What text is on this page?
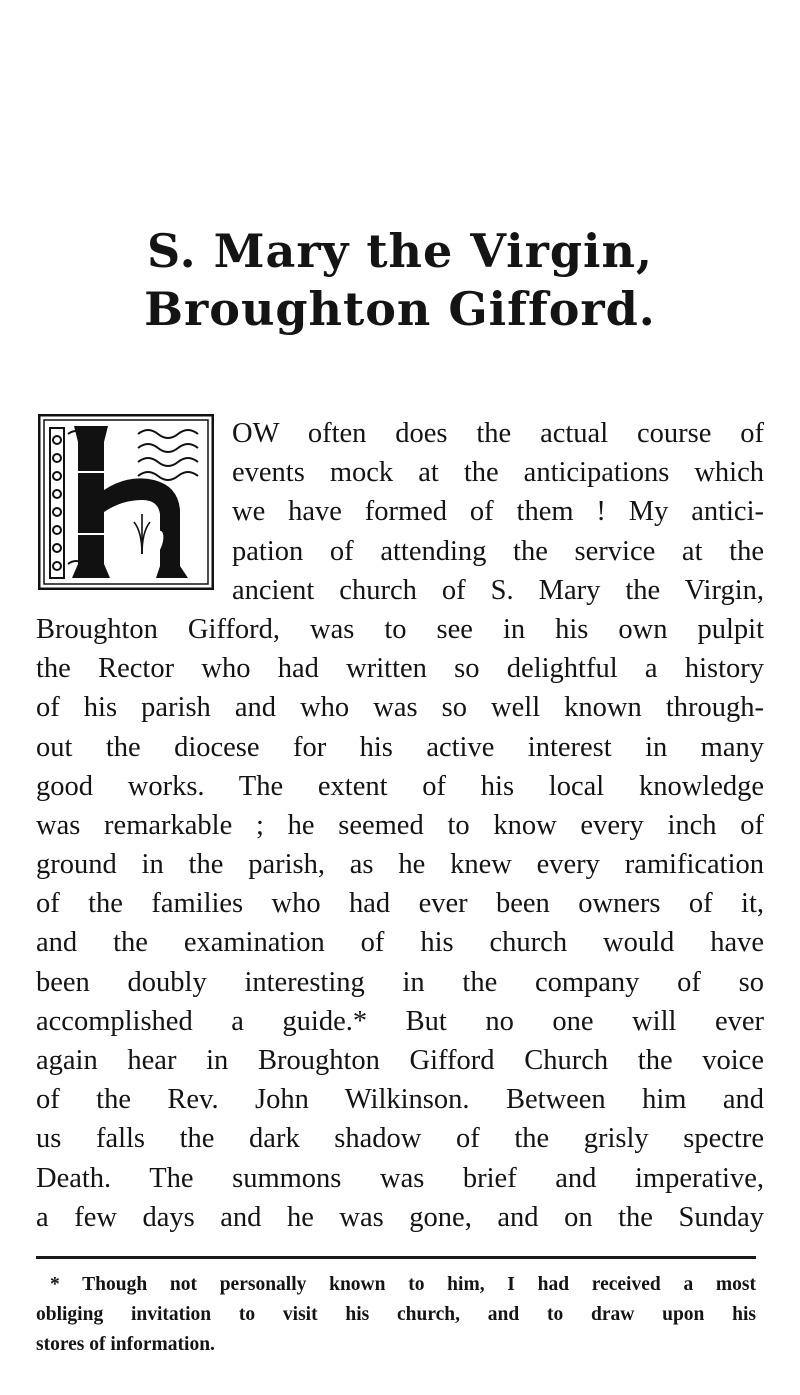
S. Mary the Virgin,
Broughton Gifford.
OW often does the actual course of
events mock at the anticipations which
we have formed of them ! My antici-
pation of attending the service at the
ancient church of S. Mary the Virgin,
Broughton Gifford, was to see in his own pulpit
the Rector who had written so delightful a history
of his parish and who was so well known through-
out the diocese for his active interest in many
good works. The extent of his local knowledge
was remarkable ; he seemed to know every inch of
ground in the parish, as he knew every ramification
of the families who had ever been owners of it,
and the examination of his church would have
been doubly interesting in the company of so
accomplished a guide.* But no one will ever
again hear in Broughton Gifford Church the voice
of the Rev. John Wilkinson. Between him and
us falls the dark shadow of the grisly spectre
Death. The summons was brief and imperative,
a few days and he was gone, and on the Sunday
* Though not personally known to him, I had received a most
obliging invitation to visit his church, and to draw upon his
stores of information.
